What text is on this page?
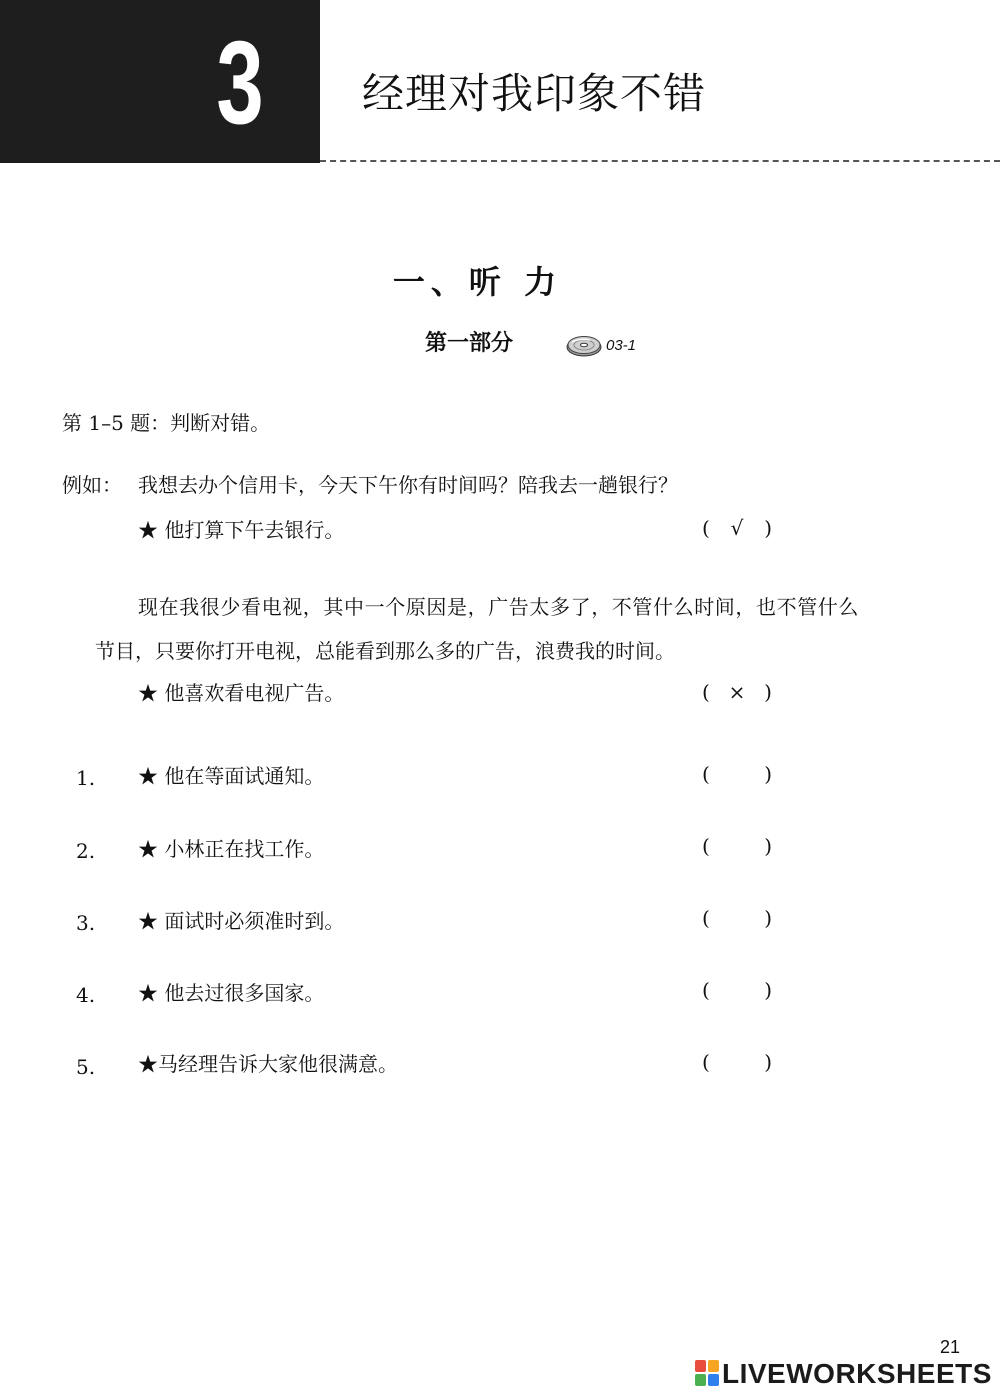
3 经理对我印象不错
一、听 力
第一部分	03-1
第 1–5 题：判断对错。
例如： 我想去办个信用卡，今天下午你有时间吗？陪我去一趟银行？
★ 他打算下午去银行。	( √ )
现在我很少看电视，其中一个原因是，广告太多了，不管什么时间，也不管什么
节目，只要你打开电视，总能看到那么多的广告，浪费我的时间。
★ 他喜欢看电视广告。	( × )
1. ★ 他在等面试通知。	(	)
2. ★ 小林正在找工作。	(	)
3. ★ 面试时必须准时到。	(	)
4. ★ 他去过很多国家。	(	)
5. ★马经理告诉大家他很满意。	(	)
21
LIVEWORKSHEETS
